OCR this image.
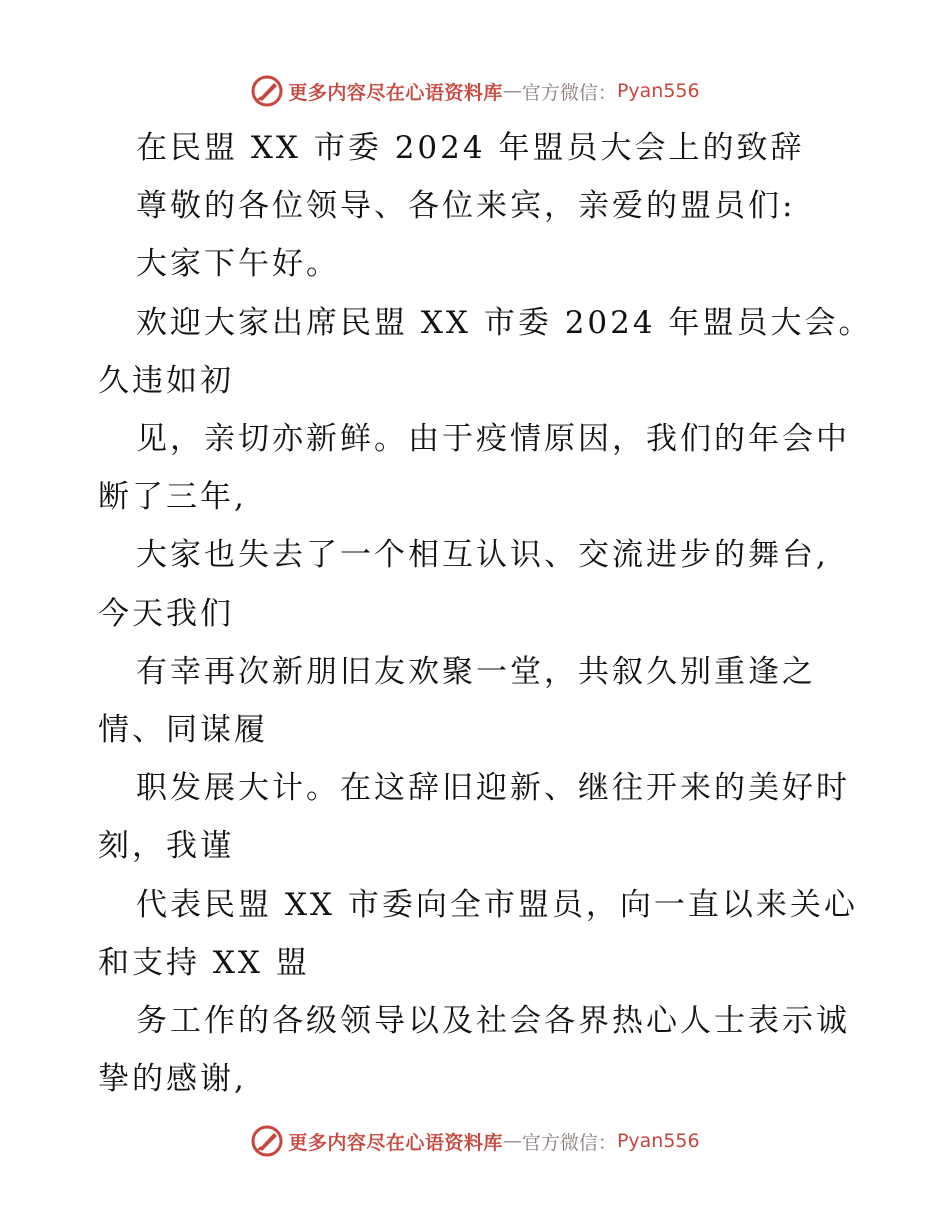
更多内容尽在心语资料库 — 官方微信： Pyan556
在民盟 XX 市委 2024 年盟员大会上的致辞
尊敬的各位领导、各位来宾，亲爱的盟员们:
大家下午好。
欢迎大家出席民盟 XX 市委 2024 年盟员大会。
久违如初
见，亲切亦新鲜。由于疫情原因，我们的年会中
断了三年,
大家也失去了一个相互认识、交流进步的舞台,
今天我们
有幸再次新朋旧友欢聚一堂，共叙久别重逢之
情、同谋履
职发展大计。在这辞旧迎新、继往开来的美好时
刻，我谨
代表民盟 XX 市委向全市盟员，向一直以来关心
和支持 XX 盟
务工作的各级领导以及社会各界热心人士表示诚
挚的感谢,
更多内容尽在心语资料库 — 官方微信： Pyan556
